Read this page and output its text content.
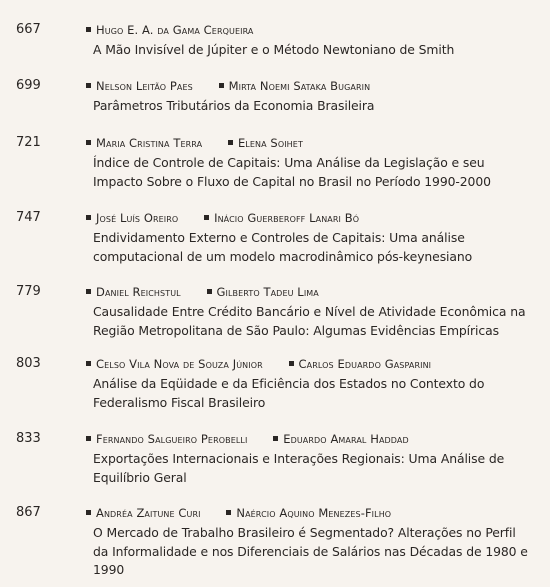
667	Hugo E. A. da Gama Cerqueira
A Mão Invisível de Júpiter e o Método Newtoniano de Smith
699	Nelson Leitão Paes	Mirta Noemi Sataka Bugarin
Parâmetros Tributários da Economia Brasileira
721	Maria Cristina Terra	Elena Soihet
Índice de Controle de Capitais: Uma Análise da Legislação e seu Impacto Sobre o Fluxo de Capital no Brasil no Período 1990-2000
747	José Luís Oreiro	Inácio Guerberoff Lanari Bó
Endividamento Externo e Controles de Capitais: Uma análise computacional de um modelo macrodinâmico pós-keynesiano
779	Daniel Reichstul	Gilberto Tadeu Lima
Causalidade Entre Crédito Bancário e Nível de Atividade Econômica na Região Metropolitana de São Paulo: Algumas Evidências Empíricas
803	Celso Vila Nova de Souza Júnior	Carlos Eduardo Gasparini
Análise da Eqüidade e da Eficiência dos Estados no Contexto do Federalismo Fiscal Brasileiro
833	Fernando Salgueiro Perobelli	Eduardo Amaral Haddad
Exportações Internacionais e Interações Regionais: Uma Análise de Equilíbrio Geral
867	Andréa Zaitune Curi	Naércio Aquino Menezes-Filho
O Mercado de Trabalho Brasileiro é Segmentado? Alterações no Perfil da Informalidade e nos Diferenciais de Salários nas Décadas de 1980 e 1990
